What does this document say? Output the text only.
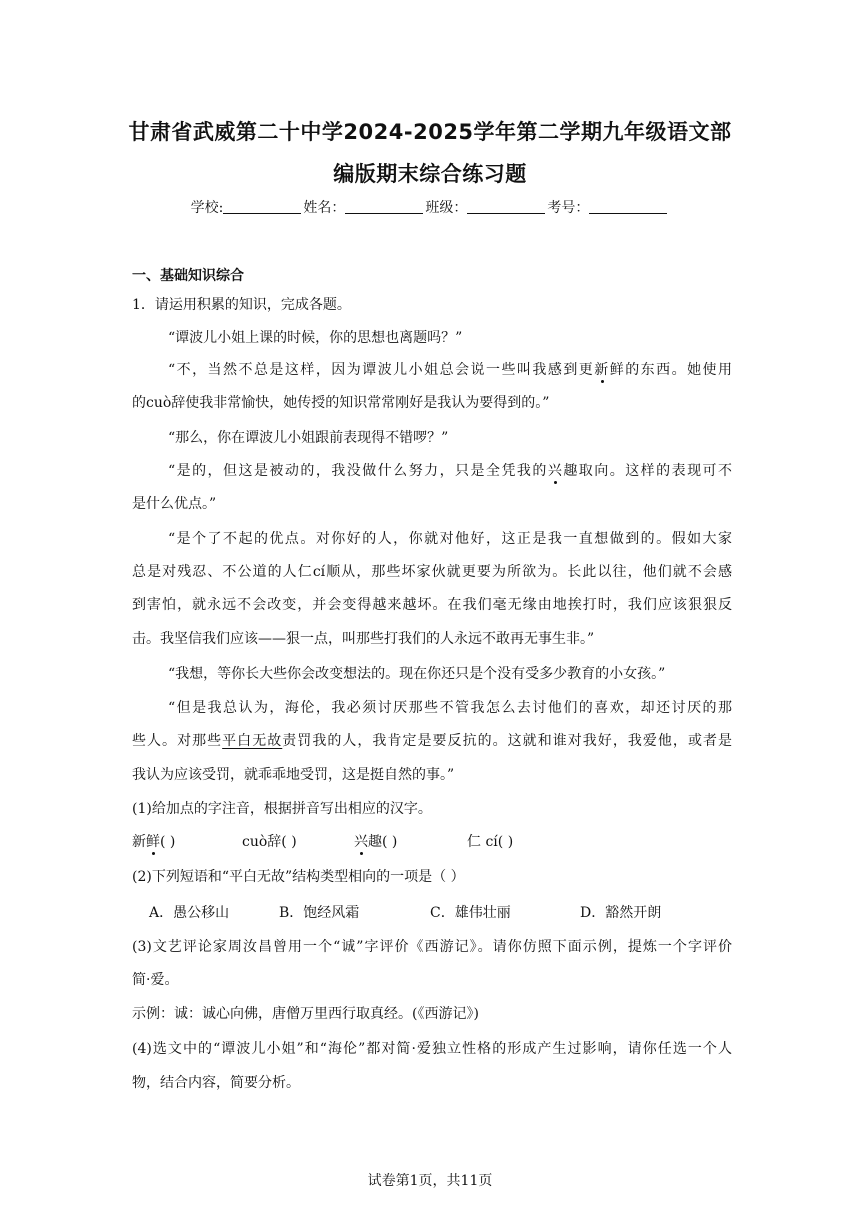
甘肃省武威第二十中学2024-2025学年第二学期九年级语文部
编版期末综合练习题
学校:	姓名：	班级：	考号：
一、基础知识综合
1．请运用积累的知识，完成各题。
“谭波儿小姐上课的时候，你的思想也离题吗？”
“不，当然不总是这样，因为谭波儿小姐总会说一些叫我感到更新鲜的东西。她使用
的cuò辞使我非常愉快，她传授的知识常常刚好是我认为要得到的。”
“那么，你在谭波儿小姐跟前表现得不错啰？”
“是的，但这是被动的，我没做什么努力，只是全凭我的兴趣取向。这样的表现可不
是什么优点。”
“是个了不起的优点。对你好的人，你就对他好，这正是我一直想做到的。假如大家
总是对残忍、不公道的人仁cí顺从，那些坏家伙就更要为所欲为。长此以往，他们就不会感
到害怕，就永远不会改变，并会变得越来越坏。在我们毫无缘由地挨打时，我们应该狠狠反
击。我坚信我们应该——狠一点，叫那些打我们的人永远不敢再无事生非。”
“我想，等你长大些你会改变想法的。现在你还只是个没有受多少教育的小女孩。”
“但是我总认为，海伦，我必须讨厌那些不管我怎么去讨他们的喜欢，却还讨厌的那
些人。对那些平白无故责罚我的人，我肯定是要反抗的。这就和谁对我好，我爱他，或者是
我认为应该受罚，就乖乖地受罚，这是挺自然的事。”
(1)给加点的字注音，根据拼音写出相应的汉字。
新鲜( )	cuò辞( )	兴趣( )	仁 cí( )
(2)下列短语和“平白无故”结构类型相向的一项是（ ）
A．愚公移山	B．饱经风霜	C．雄伟壮丽	D．豁然开朗
(3)文艺评论家周汝昌曾用一个“诚”字评价《西游记》。请你仿照下面示例，提炼一个字评价
简·爱。
示例：诚：诚心向佛，唐僧万里西行取真经。(《西游记》)
(4)选文中的“谭波儿小姐”和“海伦”都对简·爱独立性格的形成产生过影响，请你任选一个人
物，结合内容，简要分析。
试卷第1页，共11页
